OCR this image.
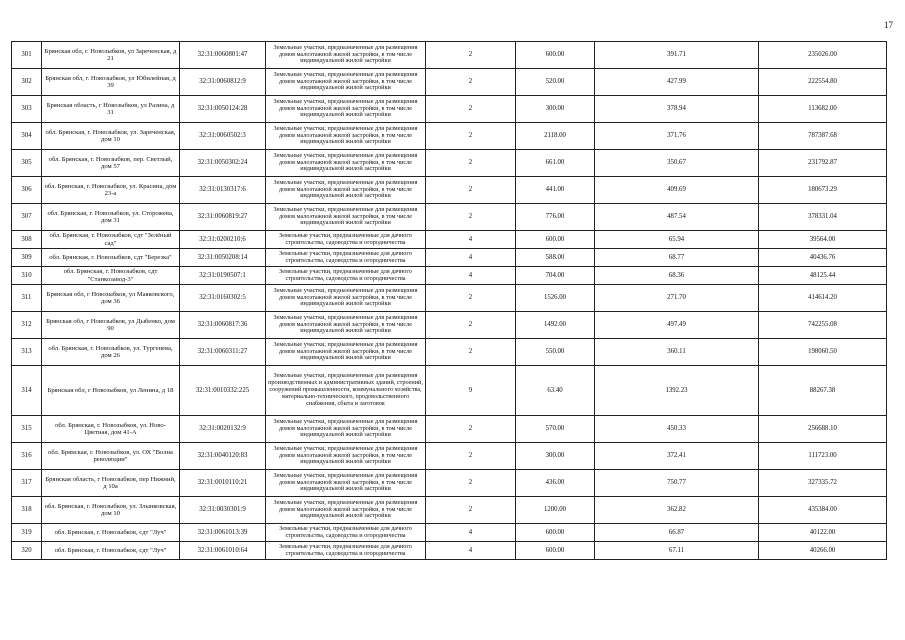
17
301	Брянская обл, г. Новозыбков, ул Зареченская, д 21	32:31:0060801:47	Земельные участки, предназначенные для размещения домов малоэтажной жилой застройки, в том числе индивидуальной жилой застройки	2	600.00	391.71	235026.00
302	Брянская обл, г. Новозыбков, ул Юбилейная, д 39	32:31:0060812:9	Земельные участки, предназначенные для размещения домов малоэтажной жилой застройки, в том числе индивидуальной жилой застройки	2	520.00	427.99	222554.80
303	Брянская область, г Новозыбков, ул Разина, д 31	32:31:0050124:28	Земельные участки, предназначенные для размещения домов малоэтажной жилой застройки, в том числе индивидуальной жилой застройки	2	300.00	378.94	113682.00
304	обл. Брянская, г. Новозыбков, ул. Зареченская, дом 10	32:31:0060502:3	Земельные участки, предназначенные для размещения домов малоэтажной жилой застройки, в том числе индивидуальной жилой застройки	2	2118.00	371.76	787387.68
305	обл. Брянская, г. Новозыбков, пер. Светлый, дом 57	32:31:0050302:24	Земельные участки, предназначенные для размещения домов малоэтажной жилой застройки, в том числе индивидуальной жилой застройки	2	661.00	350.67	231792.87
306	обл. Брянская, г. Новозыбков, ул. Красина, дом 23-а	32:31:0130317:6	Земельные участки, предназначенные для размещения домов малоэтажной жилой застройки, в том числе индивидуальной жилой застройки	2	441.00	409.69	180673.29
307	обл. Брянская, г. Новозыбков, ул. Сторожева, дом 31	32:31:0060819:27	Земельные участки, предназначенные для размещения домов малоэтажной жилой застройки, в том числе индивидуальной жилой застройки	2	776.00	487.54	378331.04
308	обл. Брянская, г. Новозыбков, сдт "Зелёный сад"	32:31:0200210:6	Земельные участки, предназначенные для дачного строительства, садоводства и огородничества	4	600.00	65.94	39564.00
309	обл. Брянская, г. Новозыбков, сдт "Березка"	32:31:0050208:14	Земельные участки, предназначенные для дачного строительства, садоводства и огородничества	4	588.00	68.77	40436.76
310	обл. Брянская, г. Новозыбков, сдт "Станкозавод-3"	32:31:0190507:1	Земельные участки, предназначенные для дачного строительства, садоводства и огородничества	4	704.00	68.36	48125.44
311	Брянская обл, г Новозыбков, ул Маяковского, дом 36	32:31:0160302:5	Земельные участки, предназначенные для размещения домов малоэтажной жилой застройки, в том числе индивидуальной жилой застройки	2	1526.00	271.70	414614.20
312	Брянская обл, г Новозыбков, ул Дыбенко, дом 90	32:31:0060817:36	Земельные участки, предназначенные для размещения домов малоэтажной жилой застройки, в том числе индивидуальной жилой застройки	2	1492.00	497.49	742255.08
313	обл. Брянская, г. Новозыбков, ул. Тургенева, дом 26	32:31:0060311:27	Земельные участки, предназначенные для размещения домов малоэтажной жилой застройки, в том числе индивидуальной жилой застройки	2	550.00	360.11	198060.50
314	Брянская обл, г Новозыбков, ул Ленина, д 18	32:31:0010332:225	Земельные участки, предназначенные для размещения производственных и административных зданий, строений, сооружений промышленности, коммунального хозяйства, материально-технического, продовольственного снабжения, сбыта и заготовок	9	63.40	1392.23	88267.38
315	обл. Брянская, г. Новозыбков, ул. Ново-Цветная, дом 41-А	32:31:0020132:9	Земельные участки, предназначенные для размещения домов малоэтажной жилой застройки, в том числе индивидуальной жилой застройки	2	570.00	450.33	256688.10
316	обл. Брянская, г. Новозыбков, ул. ОХ "Волна революции"	32:31:0040120:83	Земельные участки, предназначенные для размещения домов малоэтажной жилой застройки, в том числе индивидуальной жилой застройки	2	300.00	372.41	111723.00
317	Брянская область, г Новозыбков, пер Нижний, д 10а	32:31:0010110:21	Земельные участки, предназначенные для размещения домов малоэтажной жилой застройки, в том числе индивидуальной жилой застройки	2	436.00	750.77	327335.72
318	обл. Брянская, г. Новозыбков, ул. Злынковская, дом 10	32:31:0030301:9	Земельные участки, предназначенные для размещения домов малоэтажной жилой застройки, в том числе индивидуальной жилой застройки	2	1200.00	362.82	435384.00
319	обл. Брянская, г. Новозыбков, сдт "Луч"	32:31:0061013:39	Земельные участки, предназначенные для дачного строительства, садоводства и огородничества	4	600.00	66.87	40122.00
320	обл. Брянская, г. Новозыбков, сдт "Луч"	32:31:0061010:64	Земельные участки, предназначенные для дачного строительства, садоводства и огородничества	4	600.00	67.11	40266.00
